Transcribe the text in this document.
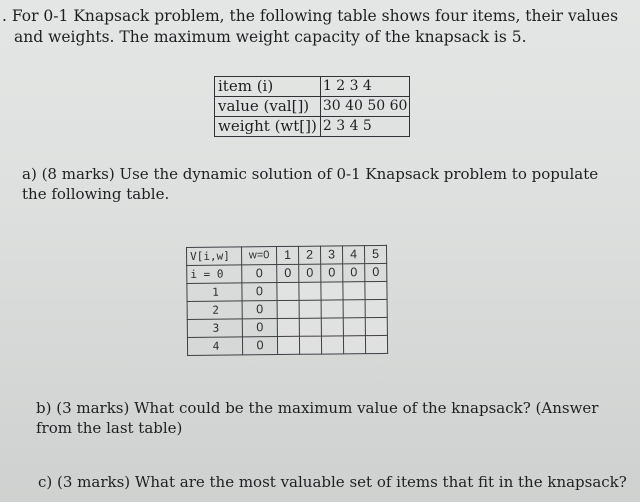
. For 0-1 Knapsack problem, the following table shows four items, their values
and weights. The maximum weight capacity of the knapsack is 5.
item (i)	1 2 3 4
value (val[])	30 40 50 60
weight (wt[])	2 3 4 5
a) (8 marks) Use the dynamic solution of 0-1 Knapsack problem to populate
the following table.
V[i,w]	w=0	1	2	3	4	5
i = 0	0	0	0	0	0	0
1	0					
2	0					
3	0					
4	0					
b) (3 marks) What could be the maximum value of the knapsack? (Answer
from the last table)
c) (3 marks) What are the most valuable set of items that fit in the knapsack?
